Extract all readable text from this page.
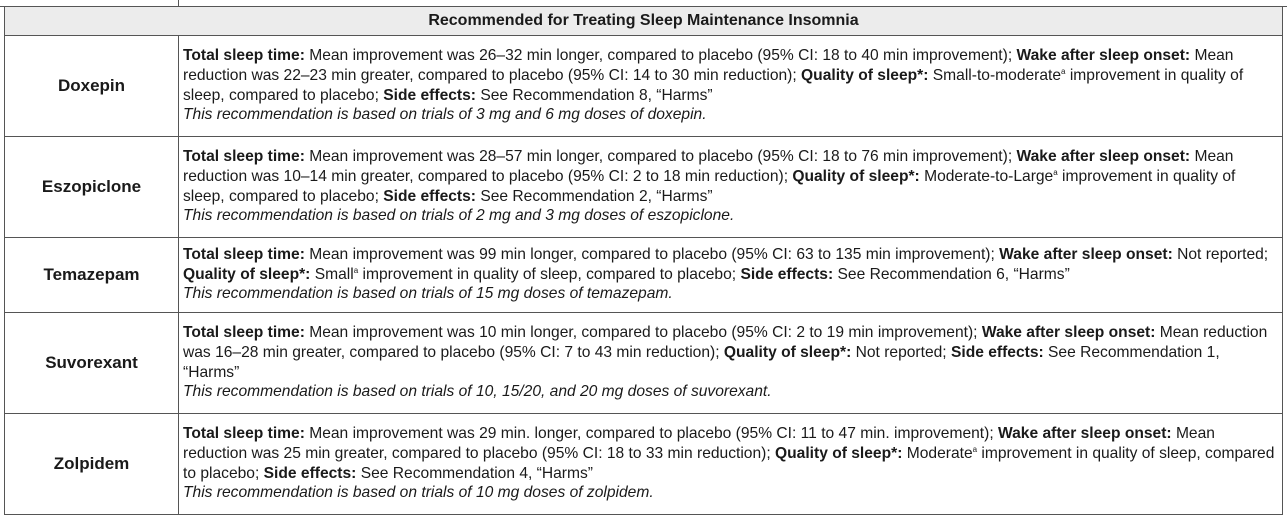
Recommended for Treating Sleep Maintenance Insomnia	
Doxepin	Total sleep time: Mean improvement was 26–32 min longer, compared to placebo (95% CI: 18 to 40 min improvement); Wake after sleep onset: Mean reduction was 22–23 min greater, compared to placebo (95% CI: 14 to 30 min reduction); Quality of sleep*: Small-to-moderate$^a$ improvement in quality of sleep, compared to placebo; Side effects: See Recommendation 8, “Harms”
This recommendation is based on trials of 3 mg and 6 mg doses of doxepin.

Eszopiclone	Total sleep time: Mean improvement was 28–57 min longer, compared to placebo (95% CI: 18 to 76 min improvement); Wake after sleep onset: Mean reduction was 10–14 min greater, compared to placebo (95% CI: 2 to 18 min reduction); Quality of sleep*: Moderate-to-Large$^a$ improvement in quality of sleep, compared to placebo; Side effects: See Recommendation 2, “Harms”
This recommendation is based on trials of 2 mg and 3 mg doses of eszopiclone.

Temazepam	Total sleep time: Mean improvement was 99 min longer, compared to placebo (95% CI: 63 to 135 min improvement); Wake after sleep onset: Not reported; Quality of sleep*: Small$^a$ improvement in quality of sleep, compared to placebo; Side effects: See Recommendation 6, “Harms”
This recommendation is based on trials of 15 mg doses of temazepam.

Suvorexant	Total sleep time: Mean improvement was 10 min longer, compared to placebo (95% CI: 2 to 19 min improvement); Wake after sleep onset: Mean reduction was 16–28 min greater, compared to placebo (95% CI: 7 to 43 min reduction); Quality of sleep*: Not reported; Side effects: See Recommendation 1, “Harms”
This recommendation is based on trials of 10, 15/20, and 20 mg doses of suvorexant.

Zolpidem	Total sleep time: Mean improvement was 29 min. longer, compared to placebo (95% CI: 11 to 47 min. improvement); Wake after sleep onset: Mean reduction was 25 min greater, compared to placebo (95% CI: 18 to 33 min reduction); Quality of sleep*: Moderate$^a$ improvement in quality of sleep, compared to placebo; Side effects: See Recommendation 4, “Harms”
This recommendation is based on trials of 10 mg doses of zolpidem.
